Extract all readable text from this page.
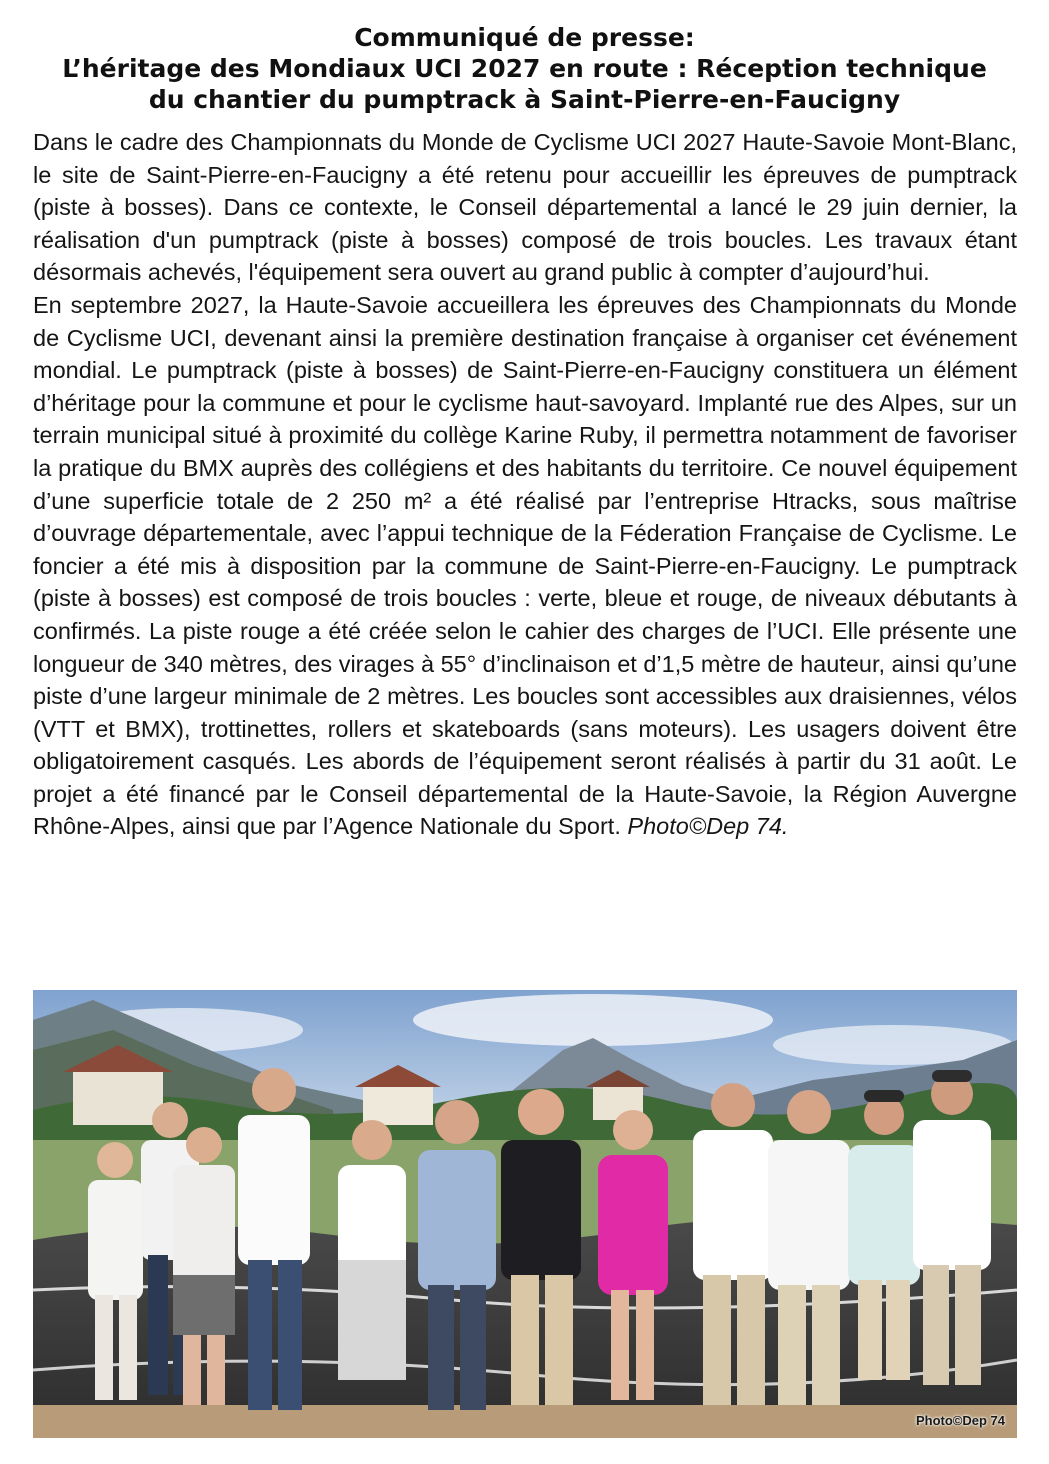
Communiqué de presse:
L’héritage des Mondiaux UCI 2027 en route : Réception technique
du chantier du pumptrack à Saint-Pierre-en-Faucigny

Dans le cadre des Championnats du Monde de Cyclisme UCI 2027 Haute-Savoie Mont-Blanc, le site de Saint-Pierre-en-Faucigny a été retenu pour accueillir les épreuves de pumptrack (piste à bosses). Dans ce contexte, le Conseil départemental a lancé le 29 juin dernier, la réalisation d'un pumptrack (piste à bosses) composé de trois boucles. Les travaux étant désormais achevés, l'équipement sera ouvert au grand public à compter d’aujourd’hui.

En septembre 2027, la Haute-Savoie accueillera les épreuves des Championnats du Monde de Cyclisme UCI, devenant ainsi la première destination française à organiser cet événement mondial. Le pumptrack (piste à bosses) de Saint-Pierre-en-Faucigny constituera un élément d’héritage pour la commune et pour le cyclisme haut-savoyard. Implanté rue des Alpes, sur un terrain municipal situé à proximité du collège Karine Ruby, il permettra notamment de favoriser la pratique du BMX auprès des collégiens et des habitants du territoire. Ce nouvel équipement d’une superficie totale de 2 250 m² a été réalisé par l’entreprise Htracks, sous maîtrise d’ouvrage départementale, avec l’appui technique de la Féderation Française de Cyclisme. Le foncier a été mis à disposition par la commune de Saint-Pierre-en-Faucigny. Le pumptrack (piste à bosses) est composé de trois boucles : verte, bleue et rouge, de niveaux débutants à confirmés. La piste rouge a été créée selon le cahier des charges de l’UCI. Elle présente une longueur de 340 mètres, des virages à 55° d’inclinaison et d’1,5 mètre de hauteur, ainsi qu’une piste d’une largeur minimale de 2 mètres. Les boucles sont accessibles aux draisiennes, vélos (VTT et BMX), trottinettes, rollers et skateboards (sans moteurs). Les usagers doivent être obligatoirement casqués. Les abords de l’équipement seront réalisés à partir du 31 août. Le projet a été financé par le Conseil départemental de la Haute-Savoie, la Région Auvergne Rhône-Alpes, ainsi que par l’Agence Nationale du Sport. Photo©Dep 74.

Photo©Dep 74
